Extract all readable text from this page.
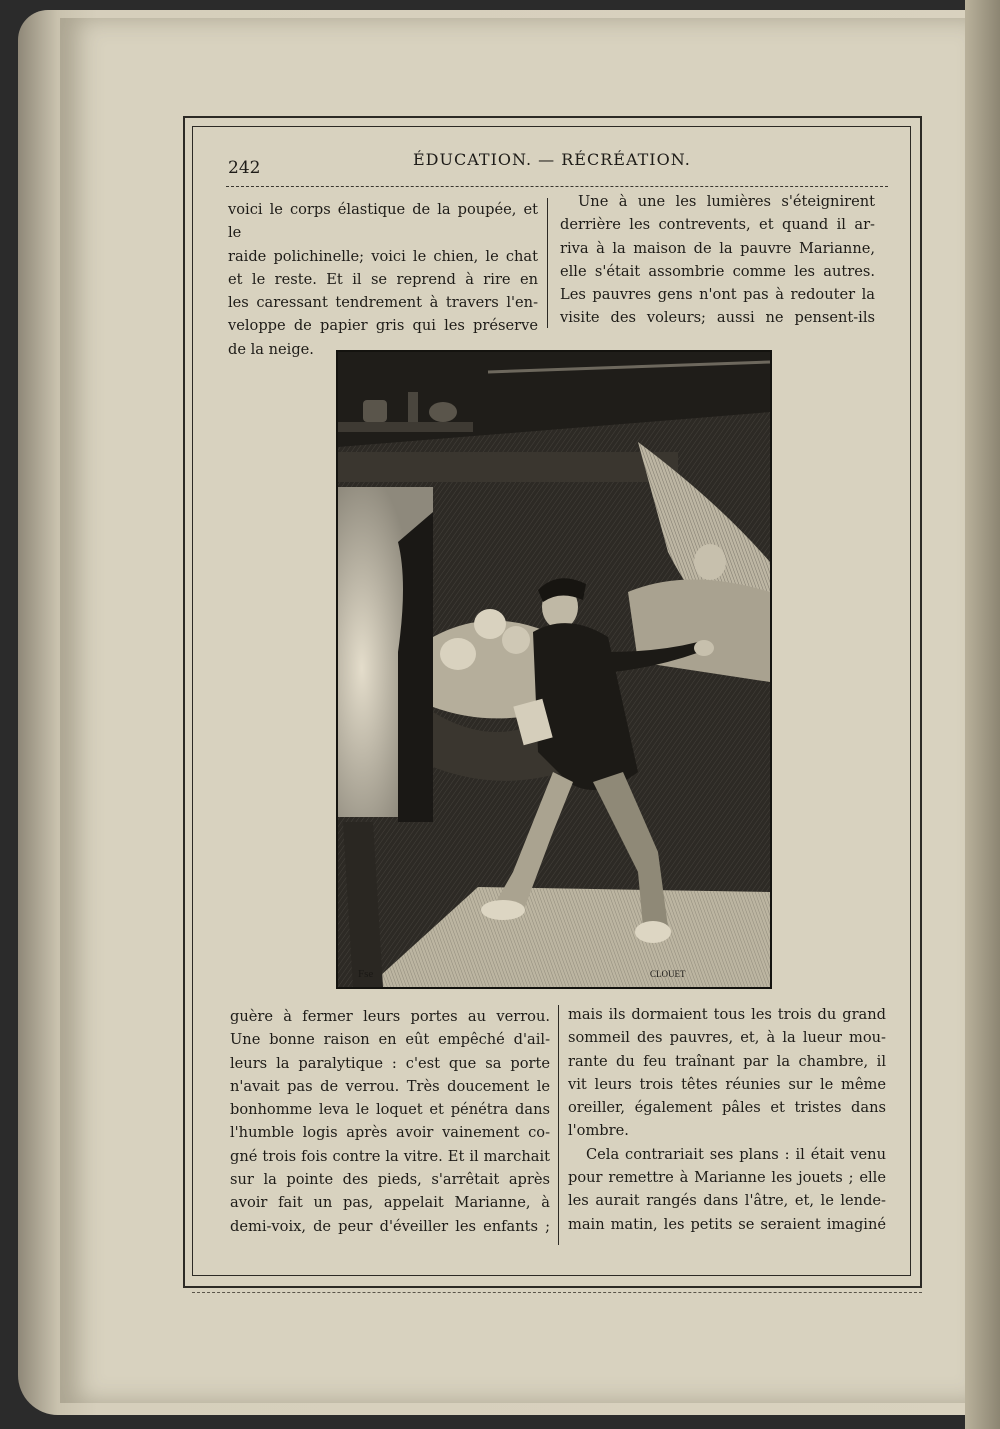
242	ÉDUCATION. — RÉCRÉATION.

voici le corps élastique de la poupée, et le

raide polichinelle; voici le chien, le chat

et le reste. Et il se reprend à rire en

les caressant tendrement à travers l'en-

veloppe de papier gris qui les préserve

de la neige.

Une à une les lumières s'éteignirent

derrière les contrevents, et quand il ar-

riva à la maison de la pauvre Marianne,

elle s'était assombrie comme les autres.

Les pauvres gens n'ont pas à redouter la

visite des voleurs; aussi ne pensent-ils

Fse	CLOUET

guère à fermer leurs portes au verrou.

Une bonne raison en eût empêché d'ail-

leurs la paralytique : c'est que sa porte

n'avait pas de verrou. Très doucement le

bonhomme leva le loquet et pénétra dans

l'humble logis après avoir vainement co-

gné trois fois contre la vitre. Et il marchait

sur la pointe des pieds, s'arrêtait après

avoir fait un pas, appelait Marianne, à

demi-voix, de peur d'éveiller les enfants ;

mais ils dormaient tous les trois du grand

sommeil des pauvres, et, à la lueur mou-

rante du feu traînant par la chambre, il

vit leurs trois têtes réunies sur le même

oreiller, également pâles et tristes dans

l'ombre.

Cela contrariait ses plans : il était venu

pour remettre à Marianne les jouets ; elle

les aurait rangés dans l'âtre, et, le lende-

main matin, les petits se seraient imaginé
